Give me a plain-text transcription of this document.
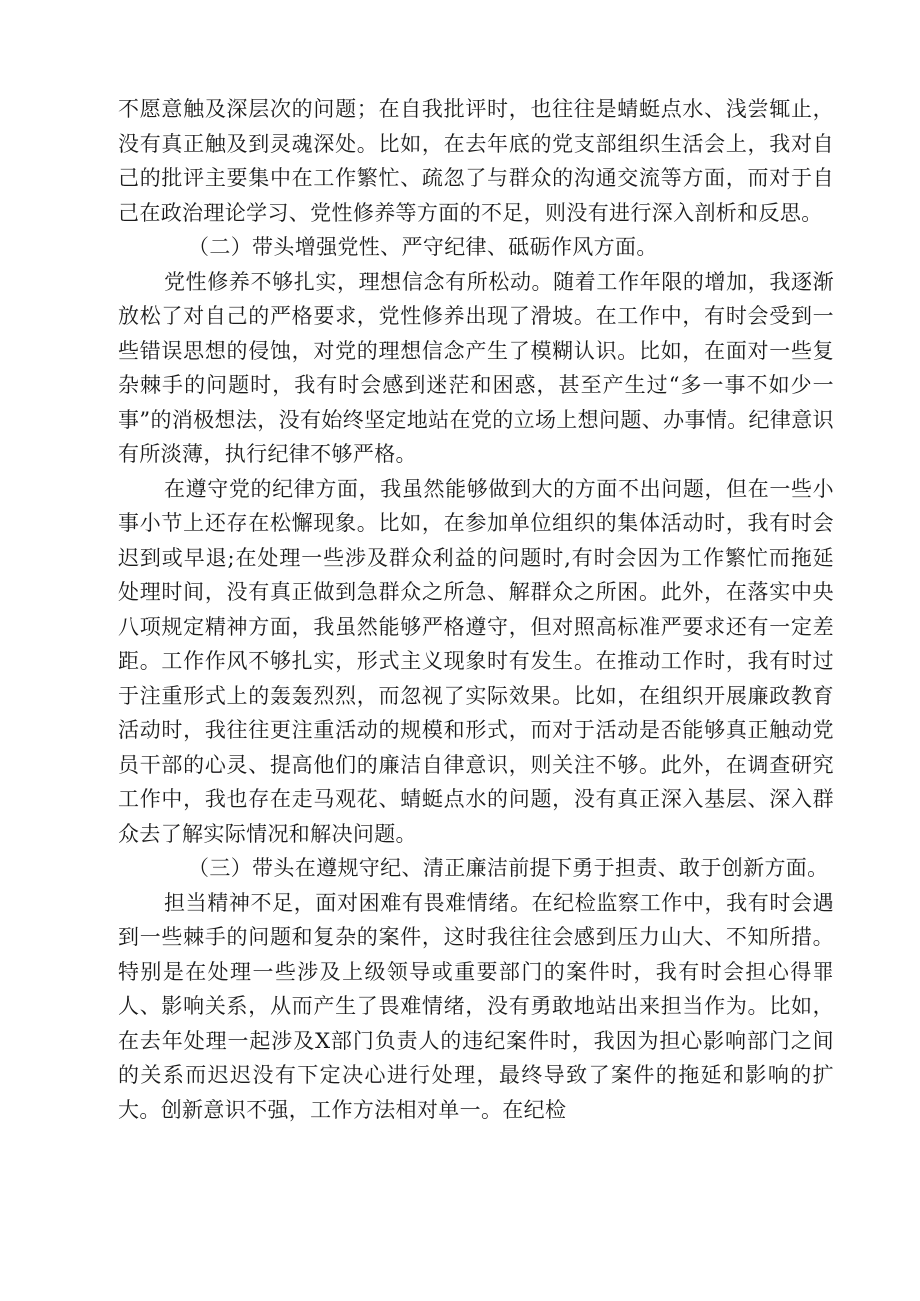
不愿意触及深层次的问题；在自我批评时，也往往是蜻蜓点水、浅尝辄止，没有真正触及到灵魂深处。比如，在去年底的党支部组织生活会上，我对自己的批评主要集中在工作繁忙、疏忽了与群众的沟通交流等方面，而对于自己在政治理论学习、党性修养等方面的不足，则没有进行深入剖析和反思。

（二）带头增强党性、严守纪律、砥砺作风方面。

党性修养不够扎实，理想信念有所松动。随着工作年限的增加，我逐渐放松了对自己的严格要求，党性修养出现了滑坡。在工作中，有时会受到一些错误思想的侵蚀，对党的理想信念产生了模糊认识。比如，在面对一些复杂棘手的问题时，我有时会感到迷茫和困惑，甚至产生过“多一事不如少一事”的消极想法，没有始终坚定地站在党的立场上想问题、办事情。纪律意识有所淡薄，执行纪律不够严格。

在遵守党的纪律方面，我虽然能够做到大的方面不出问题，但在一些小事小节上还存在松懈现象。比如，在参加单位组织的集体活动时，我有时会迟到或早退;在处理一些涉及群众利益的问题时,有时会因为工作繁忙而拖延处理时间，没有真正做到急群众之所急、解群众之所困。此外，在落实中央八项规定精神方面，我虽然能够严格遵守，但对照高标准严要求还有一定差距。工作作风不够扎实，形式主义现象时有发生。在推动工作时，我有时过于注重形式上的轰轰烈烈，而忽视了实际效果。比如，在组织开展廉政教育活动时，我往往更注重活动的规模和形式，而对于活动是否能够真正触动党员干部的心灵、提高他们的廉洁自律意识，则关注不够。此外，在调查研究工作中，我也存在走马观花、蜻蜓点水的问题，没有真正深入基层、深入群众去了解实际情况和解决问题。

（三）带头在遵规守纪、清正廉洁前提下勇于担责、敢于创新方面。

担当精神不足，面对困难有畏难情绪。在纪检监察工作中，我有时会遇到一些棘手的问题和复杂的案件，这时我往往会感到压力山大、不知所措。特别是在处理一些涉及上级领导或重要部门的案件时，我有时会担心得罪人、影响关系，从而产生了畏难情绪，没有勇敢地站出来担当作为。比如，在去年处理一起涉及X部门负责人的违纪案件时，我因为担心影响部门之间的关系而迟迟没有下定决心进行处理，最终导致了案件的拖延和影响的扩大。创新意识不强，工作方法相对单一。在纪检
